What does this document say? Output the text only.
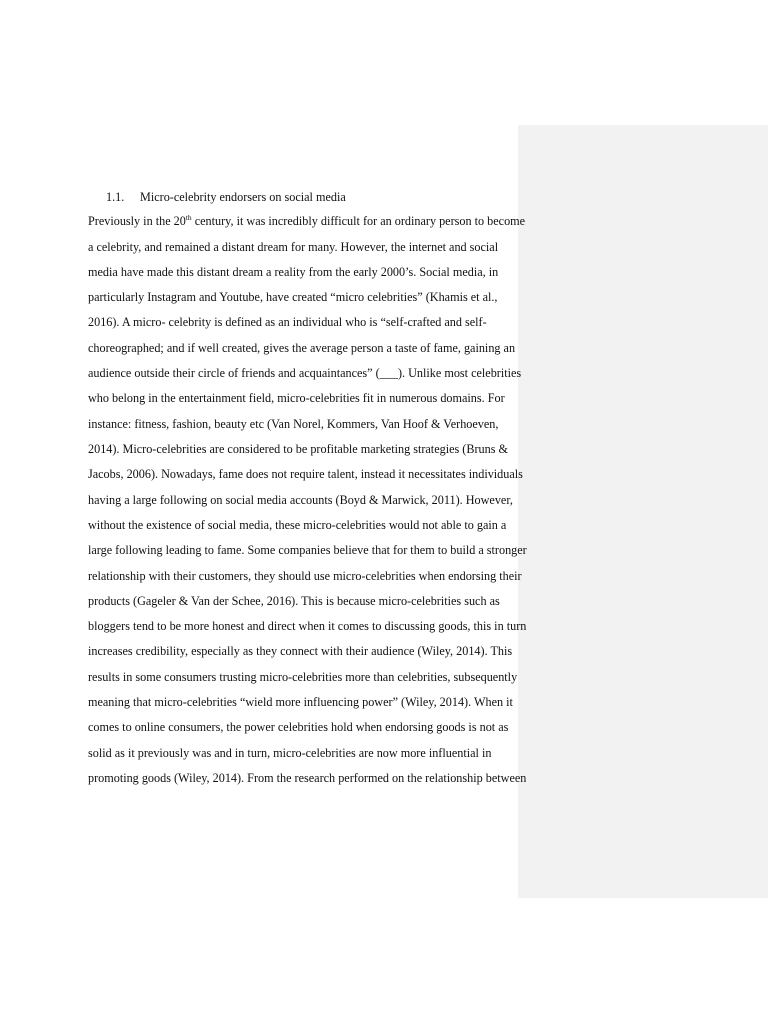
1.1. Micro-celebrity endorsers on social media
Previously in the 20th century, it was incredibly difficult for an ordinary person to become
a celebrity, and remained a distant dream for many. However, the internet and social
media have made this distant dream a reality from the early 2000’s. Social media, in
particularly Instagram and Youtube, have created “micro celebrities” (Khamis et al.,
2016). A micro- celebrity is defined as an individual who is “self-crafted and self-
choreographed; and if well created, gives the average person a taste of fame, gaining an
audience outside their circle of friends and acquaintances” (___). Unlike most celebrities
who belong in the entertainment field, micro-celebrities fit in numerous domains. For
instance: fitness, fashion, beauty etc (Van Norel, Kommers, Van Hoof & Verhoeven,
2014). Micro-celebrities are considered to be profitable marketing strategies (Bruns &
Jacobs, 2006). Nowadays, fame does not require talent, instead it necessitates individuals
having a large following on social media accounts (Boyd & Marwick, 2011). However,
without the existence of social media, these micro-celebrities would not able to gain a
large following leading to fame. Some companies believe that for them to build a stronger
relationship with their customers, they should use micro-celebrities when endorsing their
products (Gageler & Van der Schee, 2016). This is because micro-celebrities such as
bloggers tend to be more honest and direct when it comes to discussing goods, this in turn
increases credibility, especially as they connect with their audience (Wiley, 2014). This
results in some consumers trusting micro-celebrities more than celebrities, subsequently
meaning that micro-celebrities “wield more influencing power” (Wiley, 2014). When it
comes to online consumers, the power celebrities hold when endorsing goods is not as
solid as it previously was and in turn, micro-celebrities are now more influential in
promoting goods (Wiley, 2014). From the research performed on the relationship between
